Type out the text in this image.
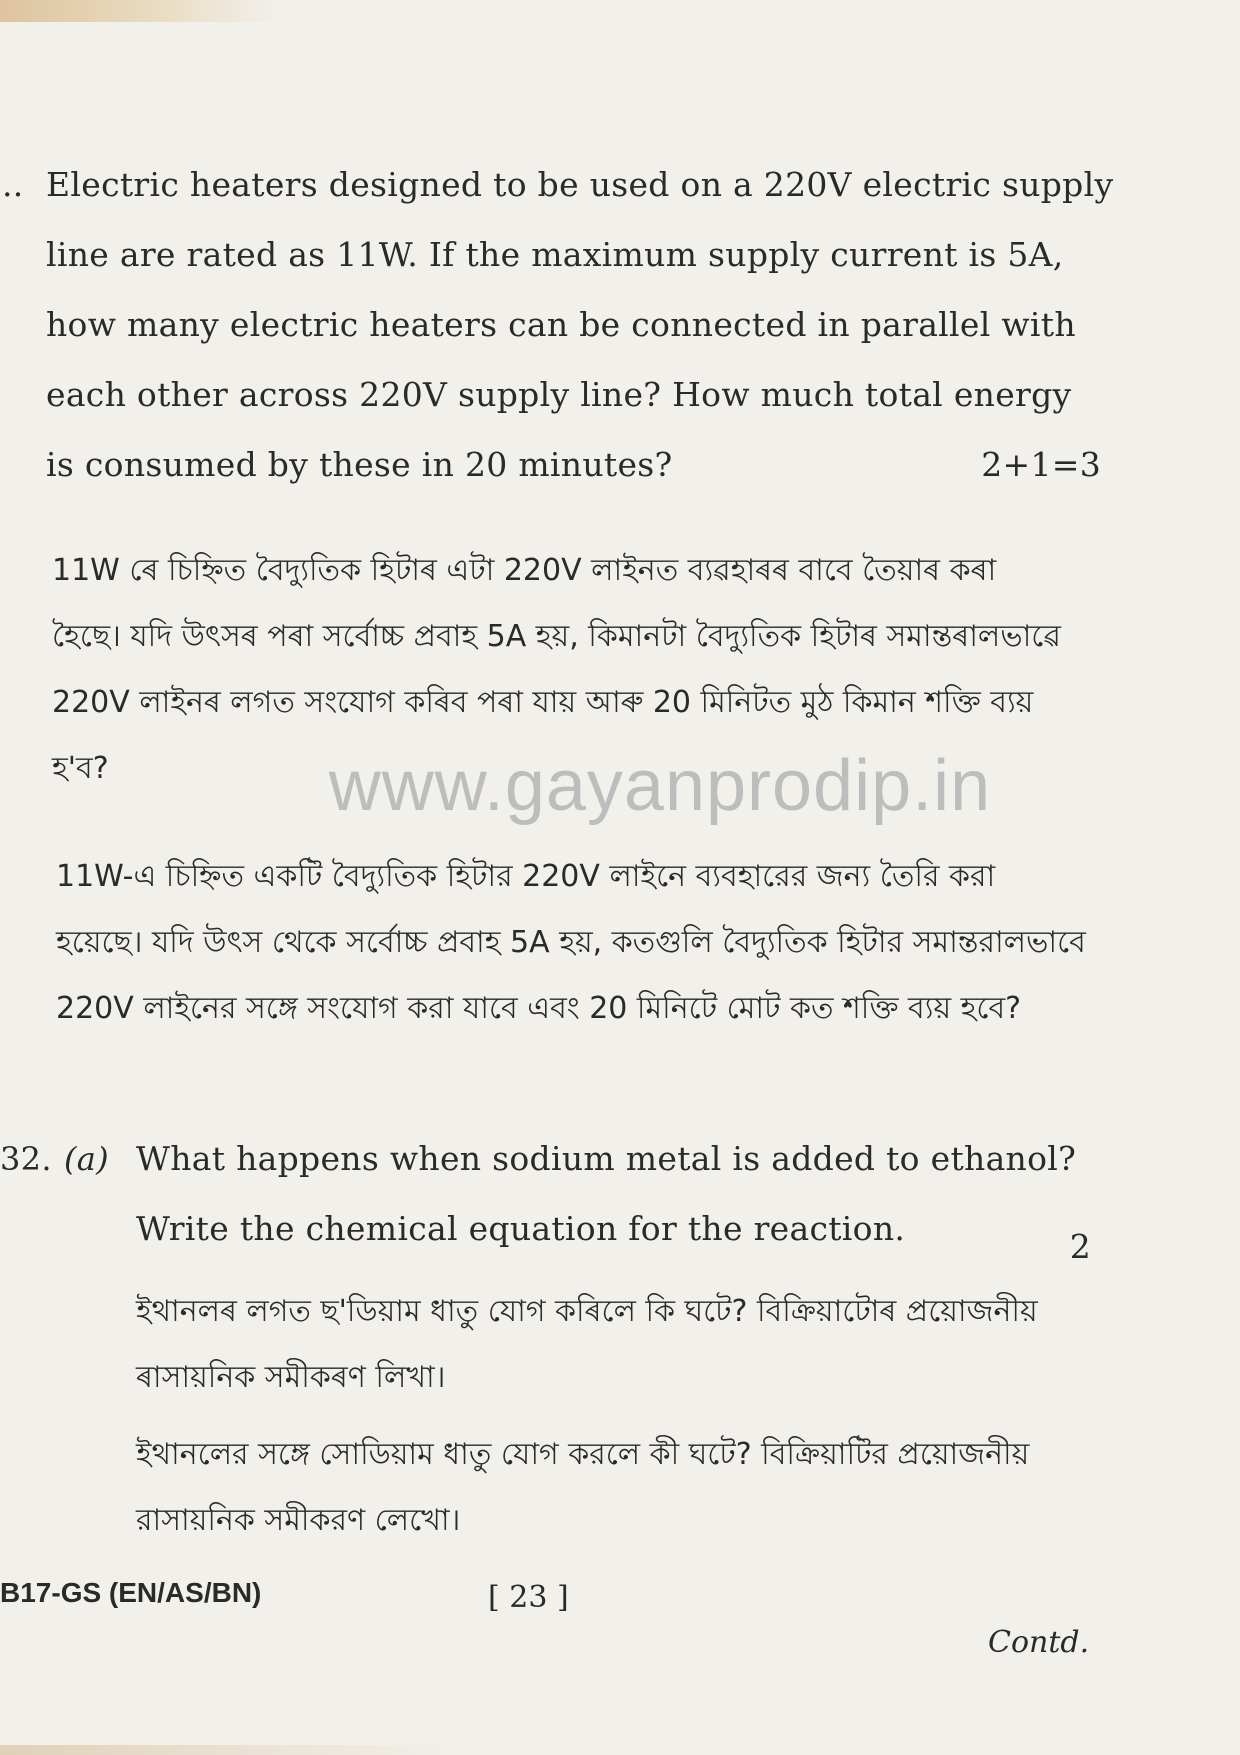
.. Electric heaters designed to be used on a 220V electric supply
line are rated as 11W. If the maximum supply current is 5A,
how many electric heaters can be connected in parallel with
each other across 220V supply line? How much total energy
is consumed by these in 20 minutes?	2+1=3
11W ৰে চিহ্নিত বৈদ্যুতিক হিটাৰ এটা 220V লাইনত ব্যৱহাৰৰ বাবে তৈয়াৰ কৰা
হৈছে। যদি উৎসৰ পৰা সৰ্বোচ্চ প্ৰবাহ 5A হয়, কিমানটা বৈদ্যুতিক হিটাৰ সমান্তৰালভাৱে
220V লাইনৰ লগত সংযোগ কৰিব পৰা যায় আৰু 20 মিনিটত মুঠ কিমান শক্তি ব্যয়
হ'ব?	www.gayanprodip.in
11W-এ চিহ্নিত একটি বৈদ্যুতিক হিটার 220V লাইনে ব্যবহারের জন্য তৈরি করা
হয়েছে। যদি উৎস থেকে সর্বোচ্চ প্রবাহ 5A হয়, কতগুলি বৈদ্যুতিক হিটার সমান্তরালভাবে
220V লাইনের সঙ্গে সংযোগ করা যাবে এবং 20 মিনিটে মোট কত শক্তি ব্যয় হবে?
32. (a) What happens when sodium metal is added to ethanol?
Write the chemical equation for the reaction.	2
ইথানলৰ লগত ছ'ডিয়াম ধাতু যোগ কৰিলে কি ঘটে? বিক্ৰিয়াটোৰ প্ৰয়োজনীয়
ৰাসায়নিক সমীকৰণ লিখা।
ইথানলের সঙ্গে সোডিয়াম ধাতু যোগ করলে কী ঘটে? বিক্রিয়াটির প্রয়োজনীয়
রাসায়নিক সমীকরণ লেখো।
B17-GS (EN/AS/BN)	[ 23 ]
Contd.
